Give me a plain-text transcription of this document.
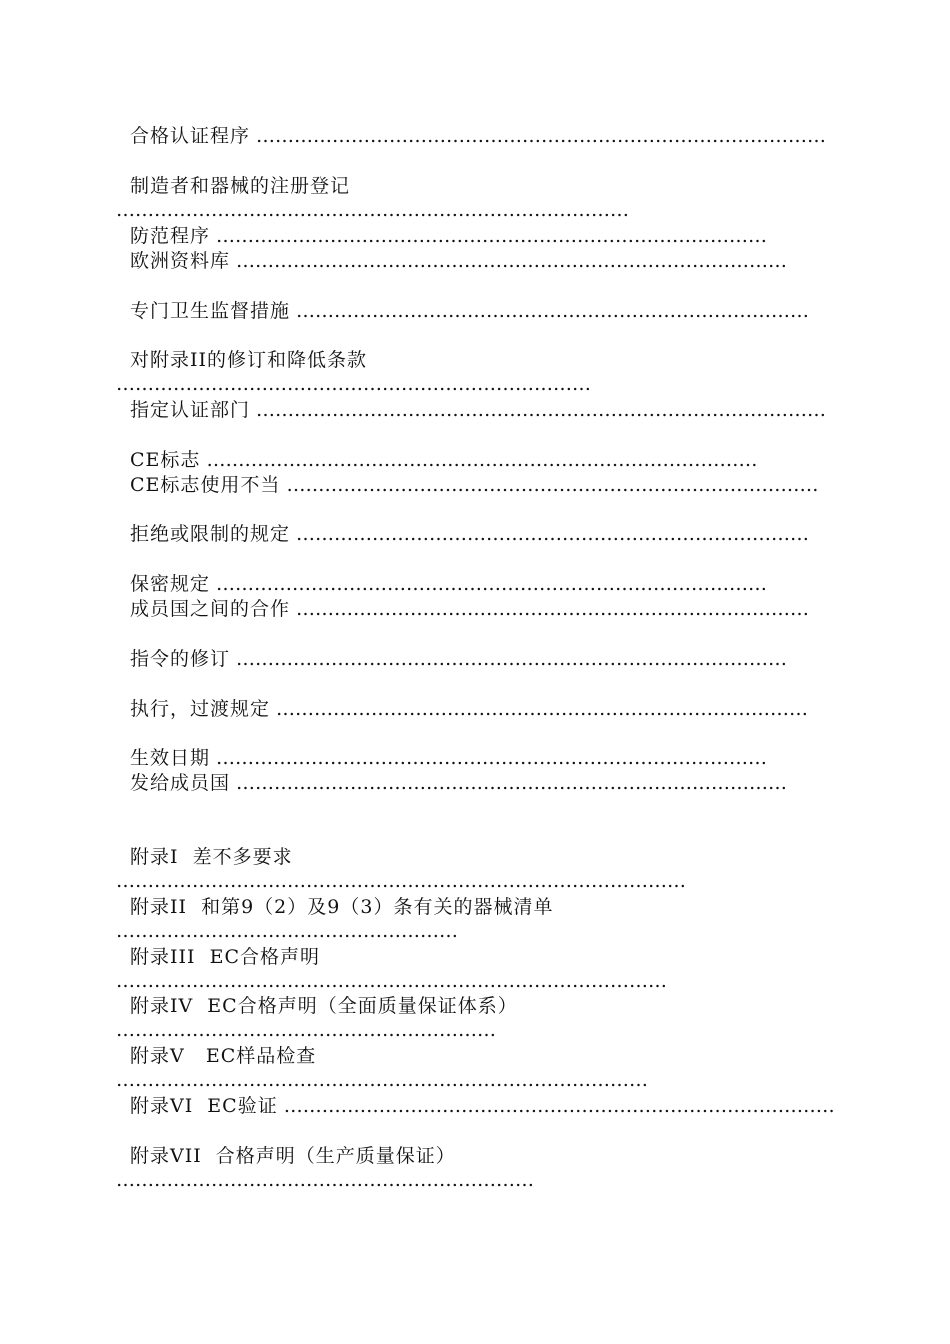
合格认证程序 ………………………………………………………………………………
制造者和器械的注册登记 ………………………………………………………………………
防范程序 ……………………………………………………………………………
欧洲资料库 ……………………………………………………………………………
专门卫生监督措施 ………………………………………………………………………
对附录II的修订和降低条款 …………………………………………………………………
指定认证部门 ………………………………………………………………………………
CE标志 ……………………………………………………………………………
CE标志使用不当 …………………………………………………………………………
拒绝或限制的规定 ………………………………………………………………………
保密规定 ……………………………………………………………………………
成员国之间的合作 ………………………………………………………………………
指令的修订 ……………………………………………………………………………
执行，过渡规定 …………………………………………………………………………
生效日期 ……………………………………………………………………………
发给成员国 ……………………………………………………………………………
附录I  差不多要求 ………………………………………………………………………………
附录II  和第9（2）及9（3）条有关的器械清单 ………………………………………………
附录III  EC合格声明 ……………………………………………………………………………
附录IV  EC合格声明（全面质量保证体系） ……………………………………………………
附录V   EC样品检查 …………………………………………………………………………
附录VI  EC验证 ……………………………………………………………………………
附录VII  合格声明（生产质量保证） …………………………………………………………
